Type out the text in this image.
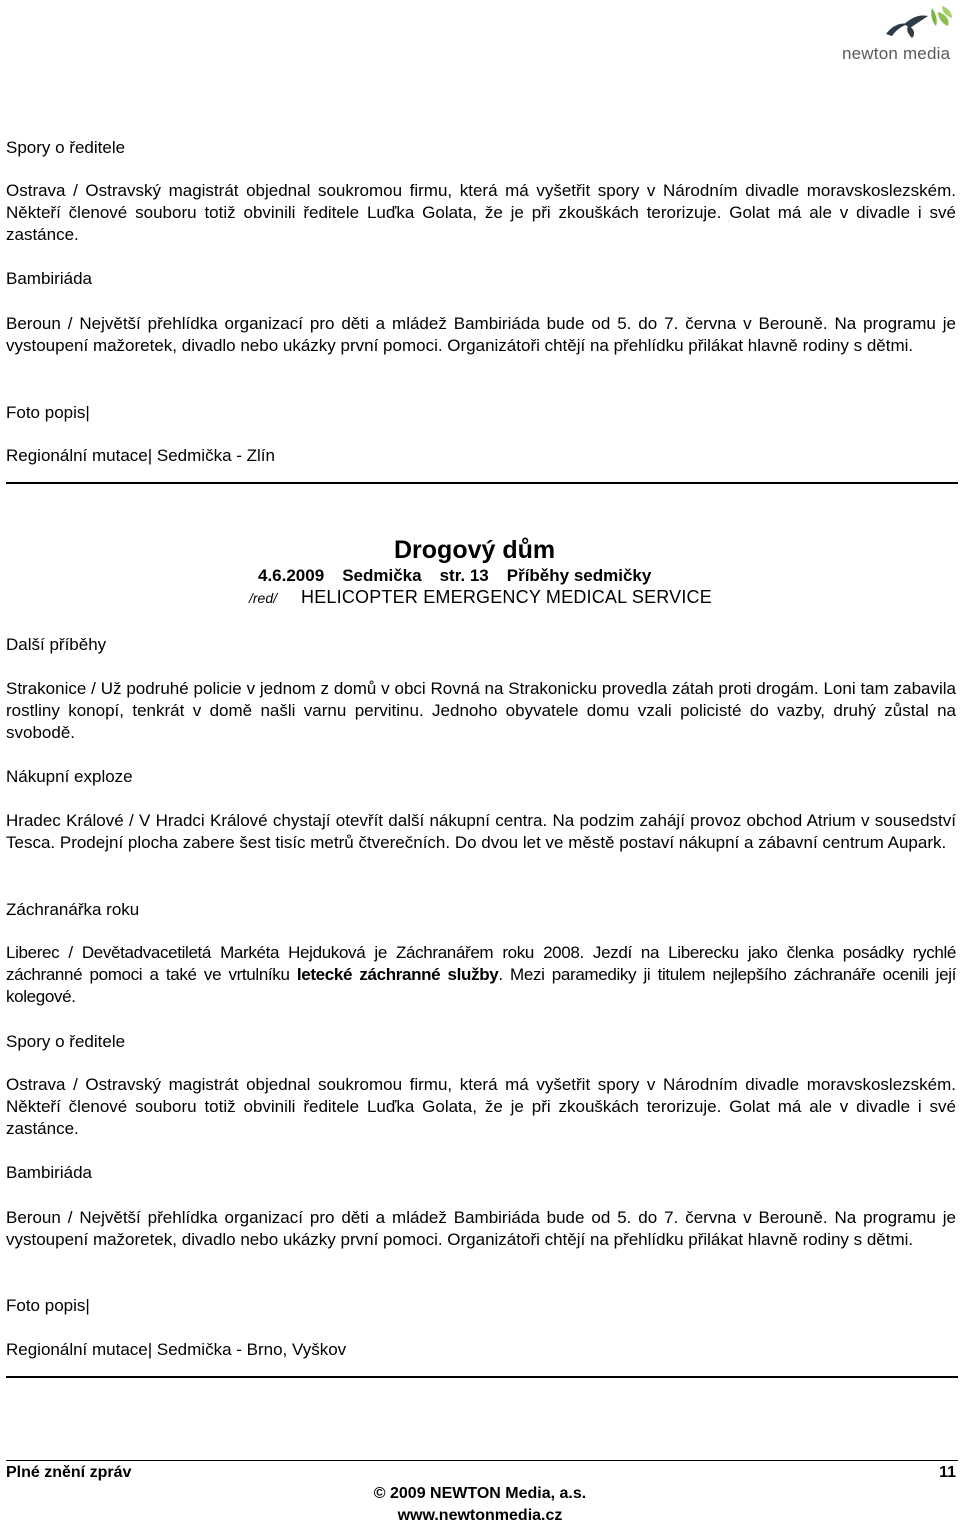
newton media
Spory o ředitele
Ostrava / Ostravský magistrát objednal soukromou firmu, která má vyšetřit spory v Národním divadle moravskoslezském. Někteří členové souboru totiž obvinili ředitele Luďka Golata, že je při zkouškách terorizuje. Golat má ale v divadle i své zastánce.
Bambiriáda
Beroun / Největší přehlídka organizací pro děti a mládež Bambiriáda bude od 5. do 7. června v Berouně. Na programu je vystoupení mažoretek, divadlo nebo ukázky první pomoci. Organizátoři chtějí na přehlídku přilákat hlavně rodiny s dětmi.
Foto popis|
Regionální mutace| Sedmička - Zlín
Drogový dům
4.6.2009 Sedmička str. 13 Příběhy sedmičky
/red/ HELICOPTER EMERGENCY MEDICAL SERVICE
Další příběhy
Strakonice / Už podruhé policie v jednom z domů v obci Rovná na Strakonicku provedla zátah proti drogám. Loni tam zabavila rostliny konopí, tenkrát v domě našli varnu pervitinu. Jednoho obyvatele domu vzali policisté do vazby, druhý zůstal na svobodě.
Nákupní exploze
Hradec Králové / V Hradci Králové chystají otevřít další nákupní centra. Na podzim zahájí provoz obchod Atrium v sousedství Tesca. Prodejní plocha zabere šest tisíc metrů čtverečních. Do dvou let ve městě postaví nákupní a zábavní centrum Aupark.
Záchranářka roku
Liberec / Devětadvacetiletá Markéta Hejduková je Záchranářem roku 2008. Jezdí na Liberecku jako členka posádky rychlé záchranné pomoci a také ve vrtulníku letecké záchranné služby. Mezi paramediky ji titulem nejlepšího záchranáře ocenili její kolegové.
Spory o ředitele
Ostrava / Ostravský magistrát objednal soukromou firmu, která má vyšetřit spory v Národním divadle moravskoslezském. Někteří členové souboru totiž obvinili ředitele Luďka Golata, že je při zkouškách terorizuje. Golat má ale v divadle i své zastánce.
Bambiriáda
Beroun / Největší přehlídka organizací pro děti a mládež Bambiriáda bude od 5. do 7. června v Berouně. Na programu je vystoupení mažoretek, divadlo nebo ukázky první pomoci. Organizátoři chtějí na přehlídku přilákat hlavně rodiny s dětmi.
Foto popis|
Regionální mutace| Sedmička - Brno, Vyškov
Plné znění zpráv	11
© 2009 NEWTON Media, a.s.
www.newtonmedia.cz
